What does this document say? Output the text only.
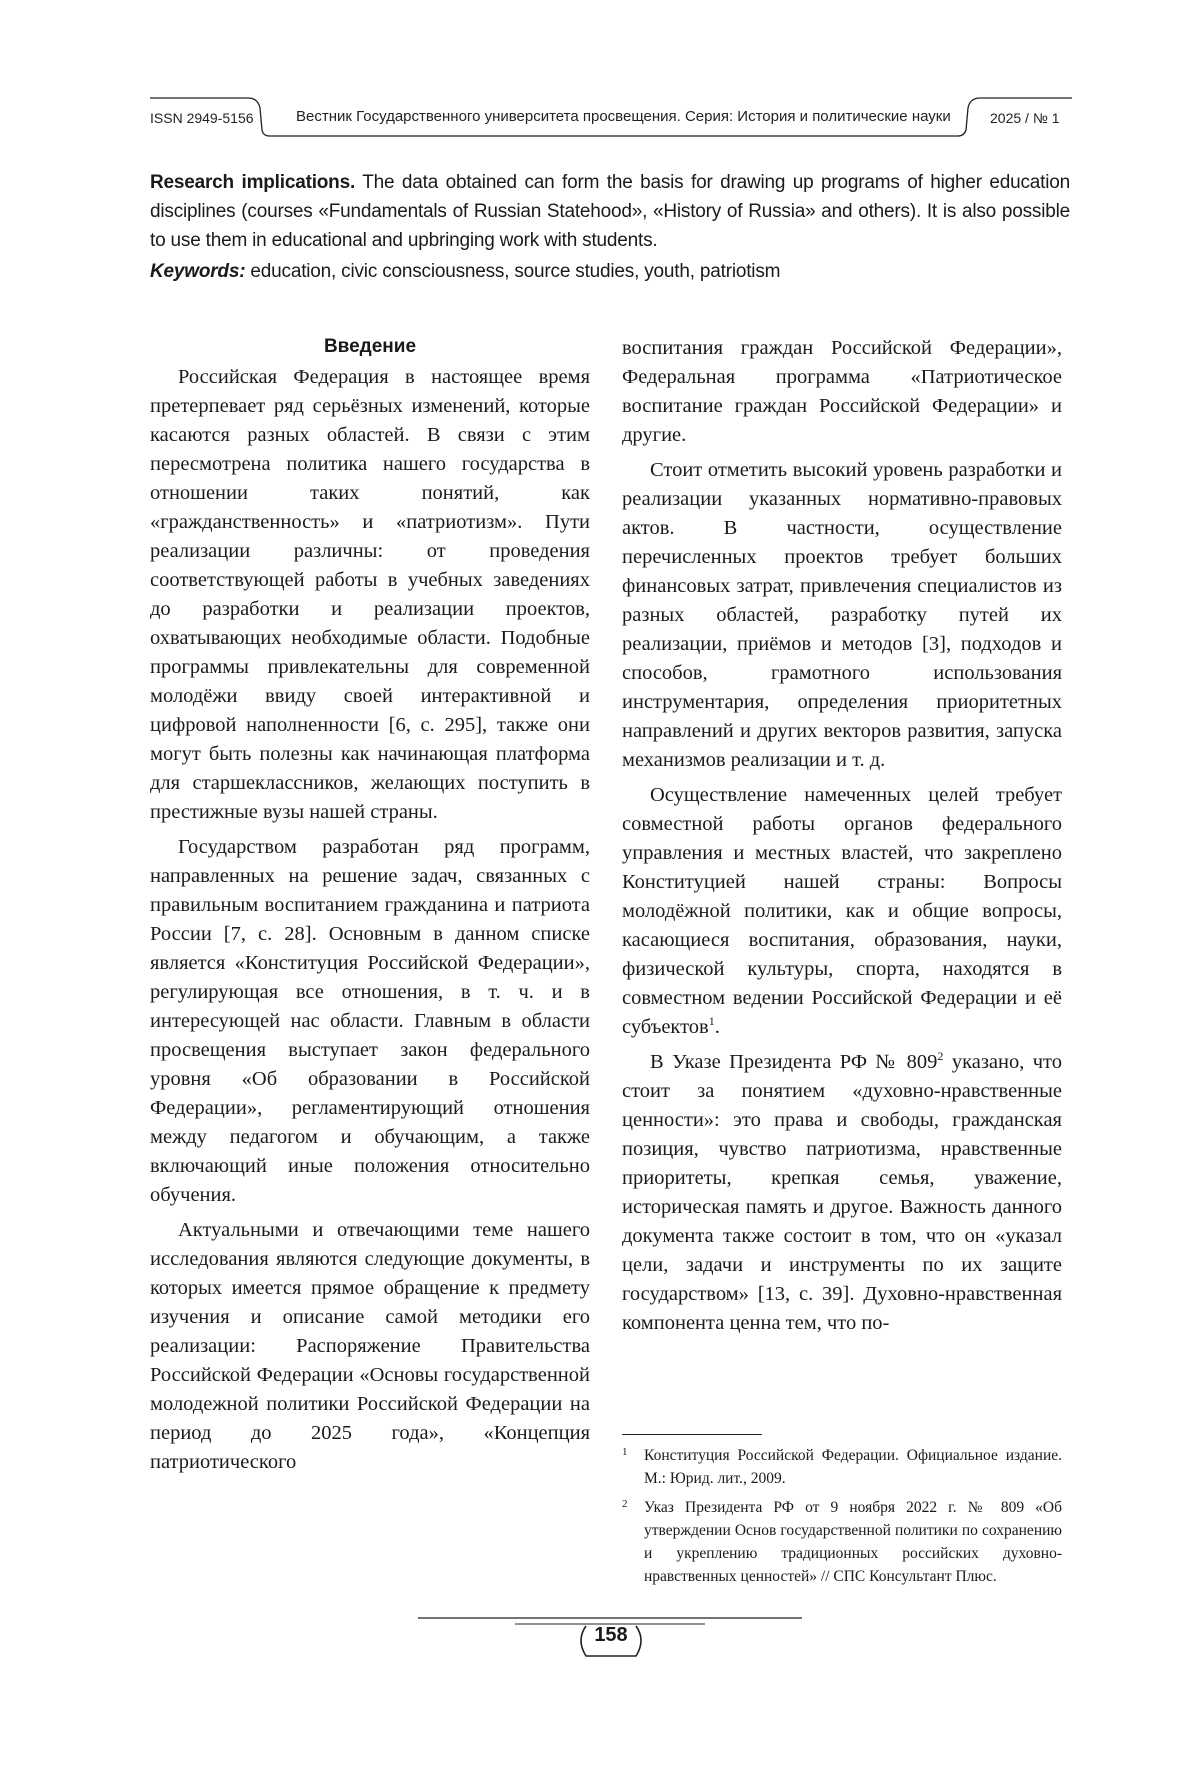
ISSN 2949-5156	Вестник Государственного университета просвещения. Серия: История и политические науки	2025 / № 1

Research implications. The data obtained can form the basis for drawing up programs of higher education disciplines (courses «Fundamentals of Russian Statehood», «History of Russia» and others). It is also possible to use them in educational and upbringing work with students.

Keywords: education, civic consciousness, source studies, youth, patriotism

Введение

Российская Федерация в настоящее время претерпевает ряд серьёзных изменений, которые касаются разных областей. В связи с этим пересмотрена политика нашего государства в отношении таких понятий, как «гражданственность» и «патриотизм». Пути реализации различны: от проведения соответствующей работы в учебных заведениях до разработки и реализации проектов, охватывающих необходимые области. Подобные программы привлекательны для современной молодёжи ввиду своей интерактивной и цифровой наполненности [6, с. 295], также они могут быть полезны как начинающая платформа для старшеклассников, желающих поступить в престижные вузы нашей страны.

Государством разработан ряд программ, направленных на решение задач, связанных с правильным воспитанием гражданина и патриота России [7, с. 28]. Основным в данном списке является «Конституция Российской Федерации», регулирующая все отношения, в т. ч. и в интересующей нас области. Главным в области просвещения выступает закон федерального уровня «Об образовании в Российской Федерации», регламентирующий отношения между педагогом и обучающим, а также включающий иные положения относительно обучения.

Актуальными и отвечающими теме нашего исследования являются следующие документы, в которых имеется прямое обращение к предмету изучения и описание самой методики его реализации: Распоряжение Правительства Российской Федерации «Основы государственной молодежной политики Российской Федерации на период до 2025 года», «Концепция патриотического

воспитания граждан Российской Федерации», Федеральная программа «Патриотическое воспитание граждан Российской Федерации» и другие.

Стоит отметить высокий уровень разработки и реализации указанных нормативно-правовых актов. В частности, осуществление перечисленных проектов требует больших финансовых затрат, привлечения специалистов из разных областей, разработку путей их реализации, приёмов и методов [3], подходов и способов, грамотного использования инструментария, определения приоритетных направлений и других векторов развития, запуска механизмов реализации и т. д.

Осуществление намеченных целей требует совместной работы органов федерального управления и местных властей, что закреплено Конституцией нашей страны: Вопросы молодёжной политики, как и общие вопросы, касающиеся воспитания, образования, науки, физической культуры, спорта, находятся в совместном ведении Российской Федерации и её субъектов$^1$.

В Указе Президента РФ № $809^2$ указано, что стоит за понятием «духовно-нравственные ценности»: это права и свободы, гражданская позиция, чувство патриотизма, нравственные приоритеты, крепкая семья, уважение, историческая память и другое. Важность данного документа также состоит в том, что он «указал цели, задачи и инструменты по их защите государством» [13, с. 39]. Духовно-нравственная компонента ценна тем, что по-

1 Конституция Российской Федерации. Официальное издание. М.: Юрид. лит., 2009.
2 Указ Президента РФ от 9 ноября 2022 г. № 809 «Об утверждении Основ государственной политики по сохранению и укреплению традиционных российских духовно-нравственных ценностей» // СПС Консультант Плюс.
158
